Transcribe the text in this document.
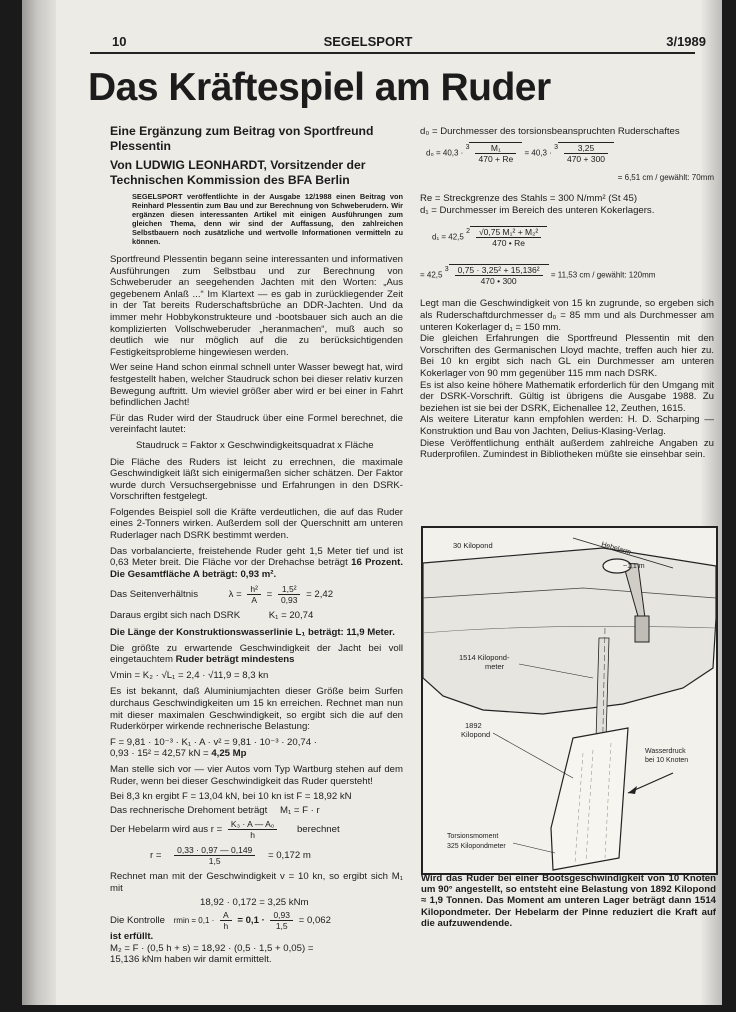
10	SEGELSPORT	3/1989
Das Kräftespiel am Ruder
Eine Ergänzung zum Beitrag von Sportfreund Plessentin
Von LUDWIG LEONHARDT, Vorsitzender der Technischen Kommission des BFA Berlin
SEGELSPORT veröffentlichte in der Ausgabe 12/1988 einen Beitrag von Reinhard Plessentin zum Bau und zur Berechnung von Schweberudern. Wir ergänzen diesen interessanten Artikel mit einigen Ausführungen zum gleichen Thema, denn wir sind der Auffassung, den zahlreichen Selbstbauern noch zusätzliche und wertvolle Informationen vermitteln zu können.

Sportfreund Plessentin begann seine interessanten und informativen Ausführungen zum Selbstbau und zur Berechnung von Schweberuder an seegehenden Jachten mit den Worten: „Aus gegebenem Anlaß ...“ Im Klartext — es gab in zurückliegender Zeit in der Tat bereits Ruderschaftsbrüche an DDR-Jachten. Und da immer mehr Hobbykonstrukteure und -bootsbauer sich auch an die komplizierten Vollschweberuder „heranmachen“, muß auch so deutlich wie nur möglich auf die zu berücksichtigenden Festigkeitsprobleme hingewiesen werden.

Wer seine Hand schon einmal schnell unter Wasser bewegt hat, wird festgestellt haben, welcher Staudruck schon bei dieser relativ kurzen Bewegung auftritt. Um wieviel größer aber wird er bei einer in Fahrt befindlichen Jacht!

Für das Ruder wird der Staudruck über eine Formel berechnet, die vereinfacht lautet:

Staudruck = Faktor x Geschwindigkeitsquadrat x Fläche

Die Fläche des Ruders ist leicht zu errechnen, die maximale Geschwindigkeit läßt sich einigermaßen sicher schätzen. Der Faktor wurde durch Versuchsergebnisse und Erfahrungen in den DSRK-Vorschriften festgelegt.

Folgendes Beispiel soll die Kräfte verdeutlichen, die auf das Ruder eines 2-Tonners wirken. Außerdem soll der Querschnitt am unteren Ruderlager nach DSRK bestimmt werden.

Das vorbalancierte, freistehende Ruder geht 1,5 Meter tief und ist 0,63 Meter breit. Die Fläche vor der Drehachse beträgt 16 Prozent. Die Gesamtfläche A beträgt: 0,93 m².

Das Seitenverhältnis	$\lambda = \frac{\text{h²}}{A} = \frac{\text{1,5²}}{0,93} = 2,42$
Daraus ergibt sich nach DSRK	K₁ = 20,74

Die Länge der Konstruktionswasserlinie L₁ beträgt: 11,9 Meter.

Die größte zu erwartende Geschwindigkeit der Jacht bei voll eingetauchtem Ruder beträgt mindestens

Vmin = K₂ · √L₁ = 2,4 · √11,9 = 8,3 kn

Es ist bekannt, daß Aluminiumjachten dieser Größe beim Surfen durchaus Geschwindigkeiten um 15 kn erreichen. Rechnet man nun mit dieser maximalen Geschwindigkeit, so ergibt sich die auf den Ruderkörper wirkende rechnerische Belastung:

F = 9,81 · 10⁻³ · K₁ · A · v² = 9,81 · 10⁻³ · 20,74 ·
0,93 · 15² = 42,57 kN = 4,25 Mp

Man stelle sich vor — vier Autos vom Typ Wartburg stehen auf dem Ruder, wenn bei dieser Geschwindigkeit das Ruder quersteht!

Bei 8,3 kn ergibt F = 13,04 kN, bei 10 kn ist F = 18,92 kN

Das rechnerische Drehoment beträgt M₁ = F · r
Der Hebelarm wird aus $r = \frac{\text{K₃ · A — A₀}}{h}$ berechnet
$r = \frac{0,33 \cdot 0,97 — 0,149}{1,5} = 0,172$ m

Rechnet man mit der Geschwindigkeit v = 10 kn, so ergibt sich M₁ mit

18,92 · 0,172 = 3,25 kNm
Die Kontrolle $rmin = 0,1 \cdot \frac{A}{h} = 0,1 \cdot \frac{0,93}{1,5} = 0,062$

ist erfüllt.

M₂ = F · (0,5 h + s) = 18,92 · (0,5 · 1,5 + 0,05) =

15,136 kNm haben wir damit ermittelt.

d₀ = Durchmesser des torsionsbeanspruchten Ruderschaftes

$d_0 = 40,3 \cdot 3 \frac{\text{M₁}}{470 + Re} = 40,3 \cdot 3 \frac{3,25}{470 + 300}$
= 6,51 cm / gewählt: 70mm

Re = Streckgrenze des Stahls = 300 N/mm² (St 45)

d₁ = Durchmesser im Bereich des unteren Kokerlagers.

d₁ = 42,5 $2 \frac{\text{√0,75 M₁² + M₂²}}{470 • Re}$
= 42,5 $3 \frac{\text{0,75 · 3,25² + 15,136²}}{470 • 300} = 11,53$ cm / gewählt: 120mm

Legt man die Geschwindigkeit von 15 kn zugrunde, so ergeben sich als Ruderschaftdurchmesser d₀ = 85 mm und als Durchmesser am unteren Kokerlager d₁ = 150 mm.

Die gleichen Erfahrungen die Sportfreund Plessentin mit den Vorschriften des Germanischen Lloyd machte, treffen auch hier zu. Bei 10 kn ergibt sich nach GL ein Durchmesser am unteren Kokerlager von 90 mm gegenüber 115 mm nach DSRK.

Es ist also keine höhere Mathematik erforderlich für den Umgang mit der DSRK-Vorschrift. Gültig ist übrigens die Ausgabe 1988. Zu beziehen ist sie bei der DSRK, Eichenallee 12, Zeuthen, 1615.

Als weitere Literatur kann empfohlen werden: H. D. Scharping — Konstruktion und Bau von Jachten, Delius-Klasing-Verlag.

Diese Veröffentlichung enthält außerdem zahlreiche Angaben zu Ruderprofilen. Zumindest in Bibliotheken müßte sie einsehbar sein.

Hebelarm
~1,1 m
30 Kilopond
1514 Kilopond-
meter
1892
Kilopond
Wasserdruck
bei 10 Knoten
Torsionsmoment
325 Kilopondmeter
Wird das Ruder bei einer Bootsgeschwindigkeit von 10 Knoten um 90° angestellt, so entsteht eine Belastung von 1892 Kilopond ≈ 1,9 Tonnen. Das Moment am unteren Lager beträgt dann 1514 Kilopondmeter. Der Hebelarm der Pinne reduziert die Kraft auf die aufzuwendende.
